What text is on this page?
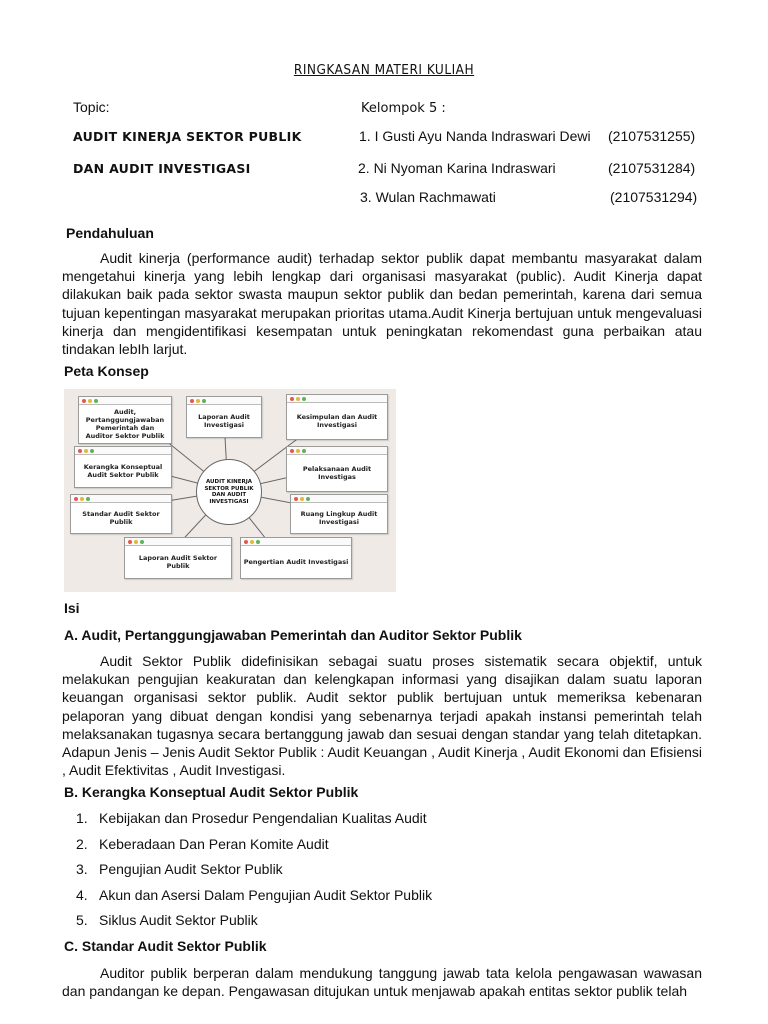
RINGKASAN MATERI KULIAH
Topic:	Kelompok 5 :
AUDIT KINERJA SEKTOR PUBLIK
DAN AUDIT INVESTIGASI
1. I Gusti Ayu Nanda Indraswari Dewi (2107531255)
2. Ni Nyoman Karina Indraswari	(2107531284)
3. Wulan Rachmawati	(2107531294)
Pendahuluan

Audit kinerja (performance audit) terhadap sektor publik dapat membantu masyarakat dalam mengetahui kinerja yang lebih lengkap dari organisasi masyarakat (public). Audit Kinerja dapat dilakukan baik pada sektor swasta maupun sektor publik dan bedan pemerintah, karena dari semua tujuan kepentingan masyarakat merupakan prioritas utama.Audit Kinerja bertujuan untuk mengevaluasi kinerja dan mengidentifikasi kesempatan untuk peningkatan rekomendast guna perbaikan atau tindakan lebIh larjut.

Peta Konsep
AUDIT KINERJA SEKTOR PUBLIK DAN AUDIT INVESTIGASI
Audit, Pertanggungjawaban Pemerintah dan Auditor Sektor Publik
Laporan Audit Investigasi
Kesimpulan dan Audit Investigasi
Kerangka Konseptual Audit Sektor Publik
Pelaksanaan Audit Investigas
Standar Audit Sektor Publik
Ruang Lingkup Audit Investigasi
Laporan Audit Sektor Publik	Pengertian Audit Investigasi
Isi
A. Audit, Pertanggungjawaban Pemerintah dan Auditor Sektor Publik

Audit Sektor Publik didefinisikan sebagai suatu proses sistematik secara objektif, untuk melakukan pengujian keakuratan dan kelengkapan informasi yang disajikan dalam suatu laporan keuangan organisasi sektor publik. Audit sektor publik bertujuan untuk memeriksa kebenaran pelaporan yang dibuat dengan kondisi yang sebenarnya terjadi apakah instansi pemerintah telah melaksanakan tugasnya secara bertanggung jawab dan sesuai dengan standar yang telah ditetapkan. Adapun Jenis – Jenis Audit Sektor Publik : Audit Keuangan , Audit Kinerja , Audit Ekonomi dan Efisiensi , Audit Efektivitas , Audit Investigasi.

B. Kerangka Konseptual Audit Sektor Publik
1. Kebijakan dan Prosedur Pengendalian Kualitas Audit
2. Keberadaan Dan Peran Komite Audit
3. Pengujian Audit Sektor Publik
4. Akun dan Asersi Dalam Pengujian Audit Sektor Publik
5. Siklus Audit Sektor Publik
C. Standar Audit Sektor Publik

Auditor publik berperan dalam mendukung tanggung jawab tata kelola pengawasan wawasan dan pandangan ke depan. Pengawasan ditujukan untuk menjawab apakah entitas sektor publik telah
